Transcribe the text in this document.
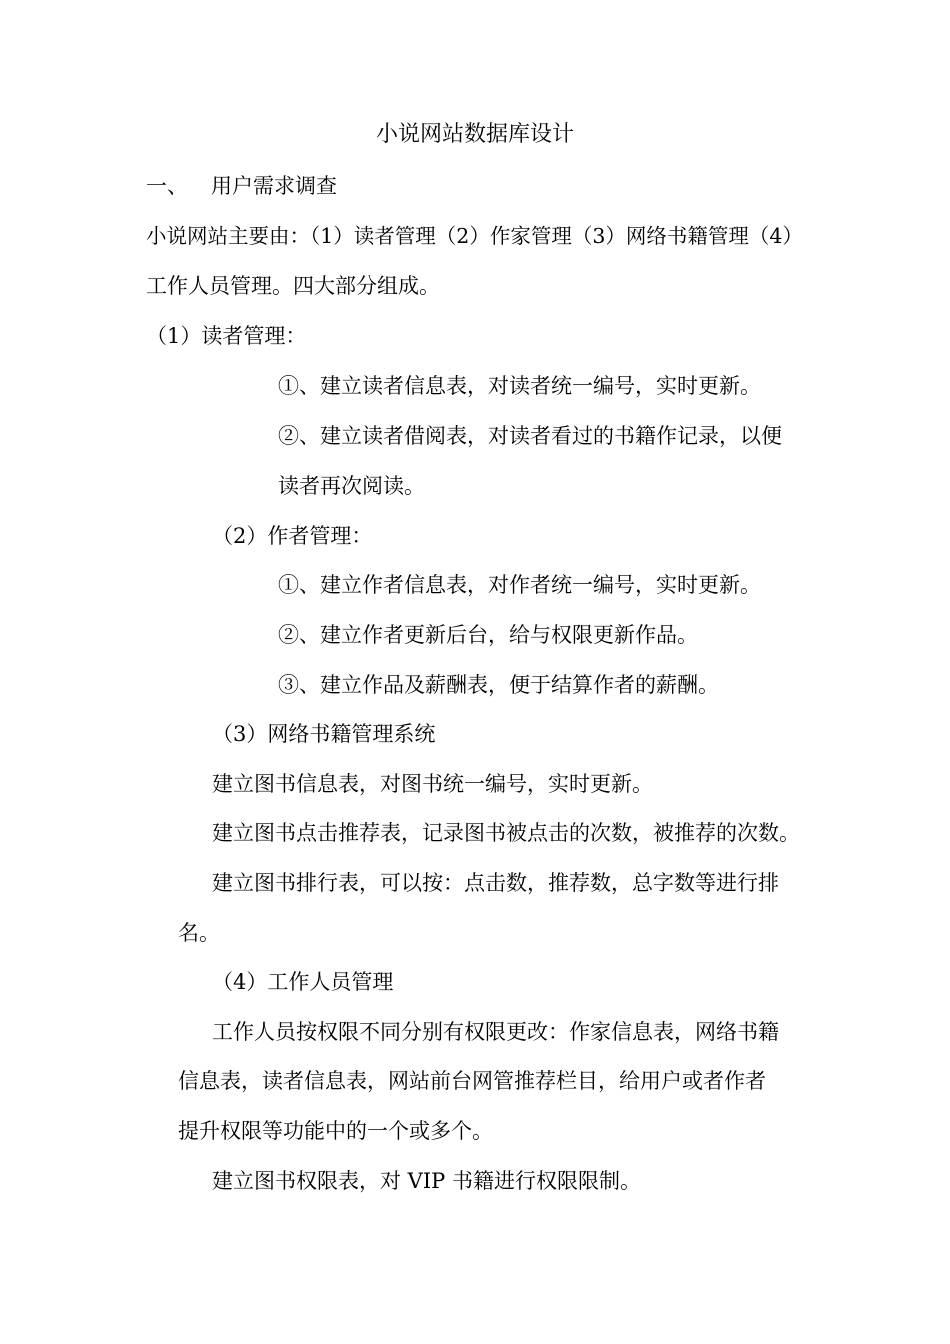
小说网站数据库设计
一、 用户需求调查
小说网站主要由：（1）读者管理（2）作家管理（3）网络书籍管理（4）
工作人员管理。四大部分组成。
（1）读者管理：
①、建立读者信息表，对读者统一编号，实时更新。
②、建立读者借阅表，对读者看过的书籍作记录，以便
读者再次阅读。
（2）作者管理：
①、建立作者信息表，对作者统一编号，实时更新。
②、建立作者更新后台，给与权限更新作品。
③、建立作品及薪酬表，便于结算作者的薪酬。
（3）网络书籍管理系统
建立图书信息表，对图书统一编号，实时更新。
建立图书点击推荐表，记录图书被点击的次数，被推荐的次数。
建立图书排行表，可以按：点击数，推荐数，总字数等进行排
名。
（4）工作人员管理
工作人员按权限不同分别有权限更改：作家信息表，网络书籍
信息表，读者信息表，网站前台网管推荐栏目，给用户或者作者
提升权限等功能中的一个或多个。
建立图书权限表，对 VIP 书籍进行权限限制。
